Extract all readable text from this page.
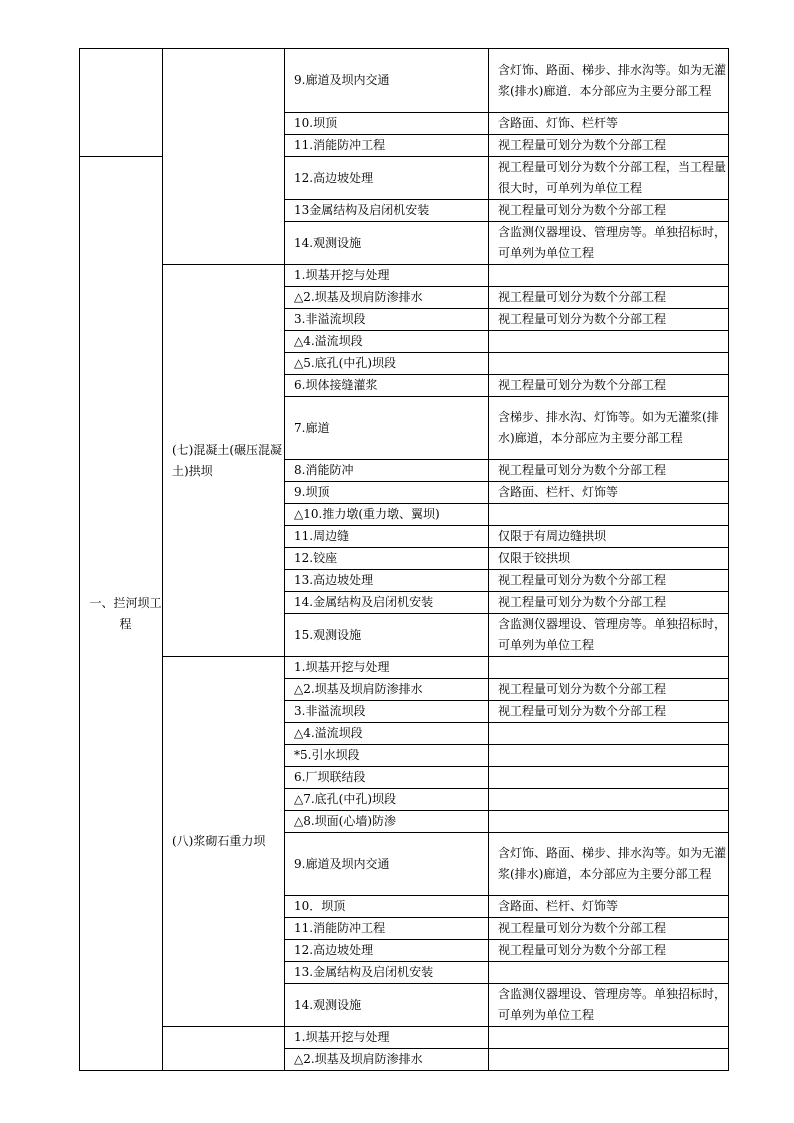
		9.廊道及坝内交通	含灯饰、路面、梯步、排水沟等。如为无灌浆(排水)廊道．本分部应为主要分部工程
		10.坝顶	含路面、灯饰、栏杆等
		11.消能防冲工程	视工程量可划分为数个分部工程
一、拦河坝工程		12.高边坡处理	视工程量可划分为数个分部工程，当工程量很大时，可单列为单位工程
		13金属结构及启闭机安装	视工程量可划分为数个分部工程
		14.观测设施	含监测仪器埋设、管理房等。单独招标时，可单列为单位工程
	(七)混凝土(碾压混凝土)拱坝	1.坝基开挖与处理	
		△2.坝基及坝肩防渗排水	视工程量可划分为数个分部工程
		3.非溢流坝段	视工程量可划分为数个分部工程
		△4.溢流坝段	
		△5.底孔(中孔)坝段	
		6.坝体接缝灌浆	视工程量可划分为数个分部工程
		7.廊道	含梯步、排水沟、灯饰等。如为无灌浆(排水)廊道，本分部应为主要分部工程
		8.消能防冲	视工程量可划分为数个分部工程
		9.坝顶	含路面、栏杆、灯饰等
		△10.推力墩(重力墩、翼坝)	
		11.周边缝	仅限于有周边缝拱坝
		12.铰座	仅限于铰拱坝
		13.高边坡处理	视工程量可划分为数个分部工程
		14.金属结构及启闭机安装	视工程量可划分为数个分部工程
		15.观测设施	含监测仪器埋设、管理房等。单独招标时，可单列为单位工程
	(八)浆砌石重力坝	1.坝基开挖与处理	
		△2.坝基及坝肩防渗排水	视工程量可划分为数个分部工程
		3.非溢流坝段	视工程量可划分为数个分部工程
		△4.溢流坝段	
		*5.引水坝段	
		6.厂坝联结段	
		△7.底孔(中孔)坝段	
		△8.坝面(心墙)防渗	
		9.廊道及坝内交通	含灯饰、路面、梯步、排水沟等。如为无灌浆(排水)廊道，本分部应为主要分部工程
		10．坝顶	含路面、栏杆、灯饰等
		11.消能防冲工程	视工程量可划分为数个分部工程
		12.高边坡处理	视工程量可划分为数个分部工程
		13.金属结构及启闭机安装	
		14.观测设施	含监测仪器埋设、管理房等。单独招标时，可单列为单位工程
		1.坝基开挖与处理	
		△2.坝基及坝肩防渗排水	
